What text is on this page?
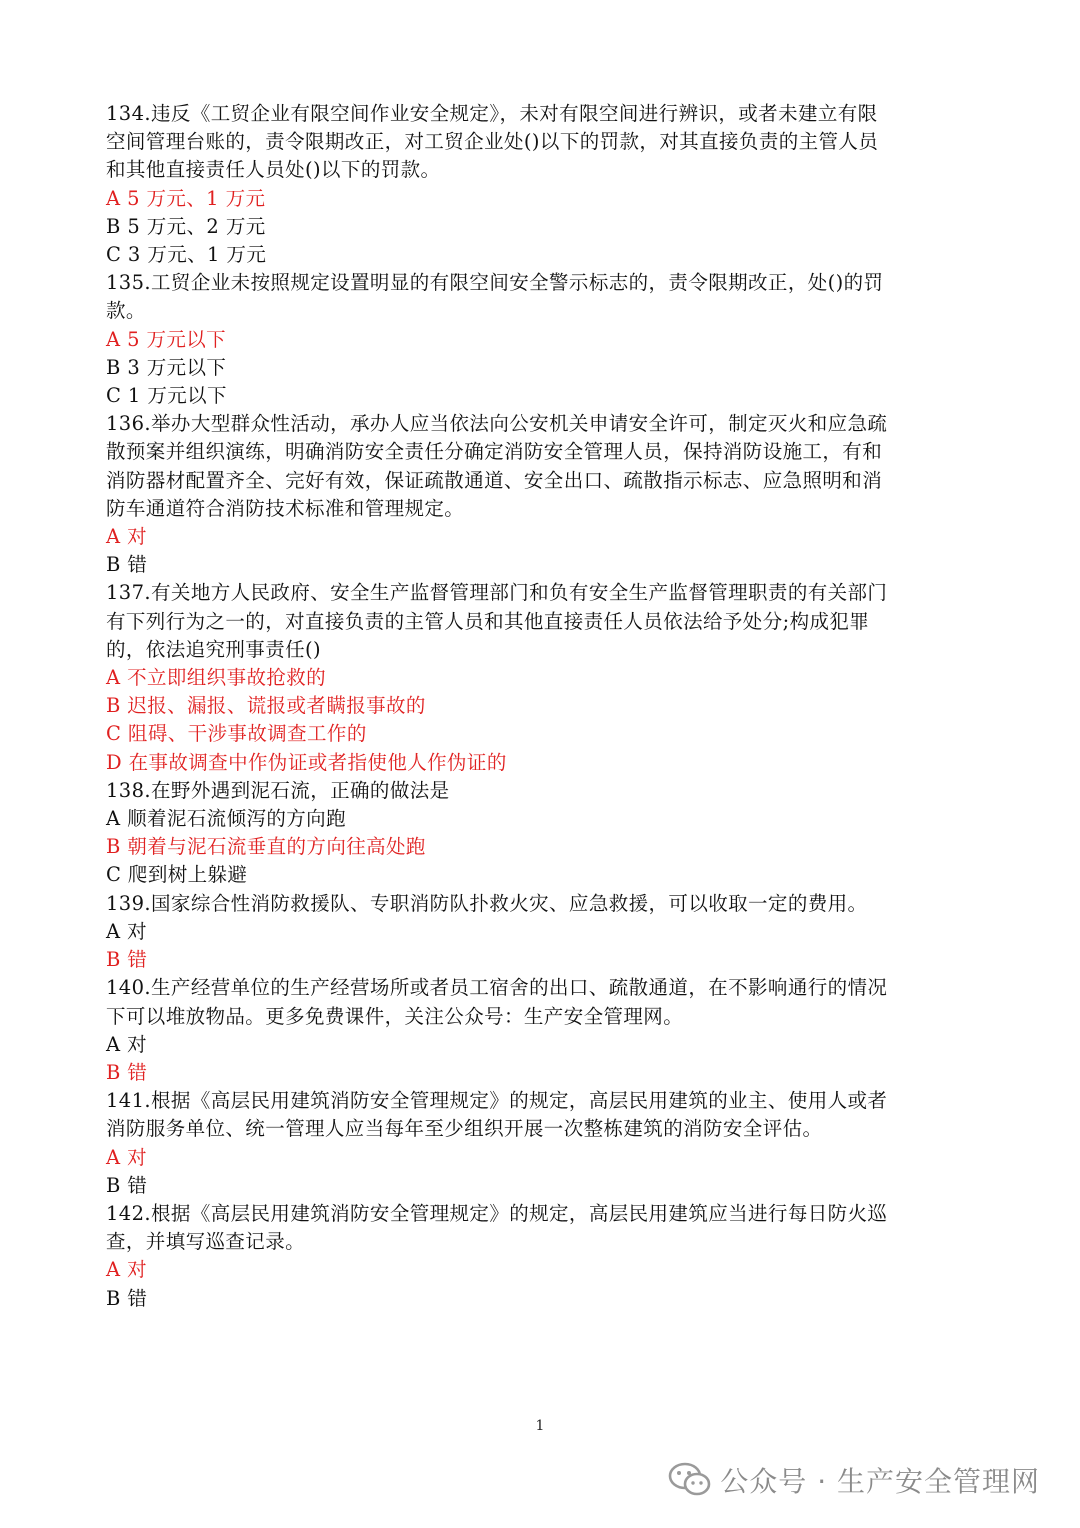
134.违反《工贸企业有限空间作业安全规定》，未对有限空间进行辨识，或者未建立有限
空间管理台账的，责令限期改正，对工贸企业处()以下的罚款，对其直接负责的主管人员
和其他直接责任人员处()以下的罚款。
A 5 万元、1 万元
B 5 万元、2 万元
C 3 万元、1 万元
135.工贸企业未按照规定设置明显的有限空间安全警示标志的，责令限期改正，处()的罚
款。
A 5 万元以下
B 3 万元以下
C 1 万元以下
136.举办大型群众性活动，承办人应当依法向公安机关申请安全许可，制定灭火和应急疏
散预案并组织演练，明确消防安全责任分确定消防安全管理人员，保持消防设施工，有和
消防器材配置齐全、完好有效，保证疏散通道、安全出口、疏散指示标志、应急照明和消
防车通道符合消防技术标准和管理规定。
A 对
B 错
137.有关地方人民政府、安全生产监督管理部门和负有安全生产监督管理职责的有关部门
有下列行为之一的，对直接负责的主管人员和其他直接责任人员依法给予处分;构成犯罪
的，依法追究刑事责任()
A 不立即组织事故抢救的
B 迟报、漏报、谎报或者瞒报事故的
C 阻碍、干涉事故调查工作的
D 在事故调查中作伪证或者指使他人作伪证的
138.在野外遇到泥石流，正确的做法是
A 顺着泥石流倾泻的方向跑
B 朝着与泥石流垂直的方向往高处跑
C 爬到树上躲避
139.国家综合性消防救援队、专职消防队扑救火灾、应急救援，可以收取一定的费用。
A 对
B 错
140.生产经营单位的生产经营场所或者员工宿舍的出口、疏散通道，在不影响通行的情况
下可以堆放物品。更多免费课件，关注公众号：生产安全管理网。
A 对
B 错
141.根据《高层民用建筑消防安全管理规定》的规定，高层民用建筑的业主、使用人或者
消防服务单位、统一管理人应当每年至少组织开展一次整栋建筑的消防安全评估。
A 对
B 错
142.根据《高层民用建筑消防安全管理规定》的规定，高层民用建筑应当进行每日防火巡
查，并填写巡查记录。
A 对
B 错
1
公众号 · 生产安全管理网
